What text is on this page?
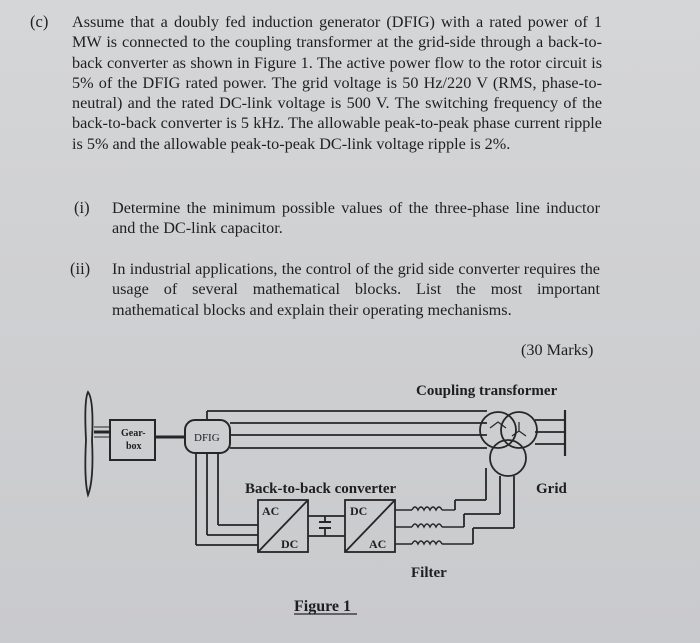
(c) Assume that a doubly fed induction generator (DFIG) with a rated power of 1 MW is connected to the coupling transformer at the grid-side through a back-to-back converter as shown in Figure 1. The active power flow to the rotor circuit is 5% of the DFIG rated power. The grid voltage is 50 Hz/220 V (RMS, phase-to-neutral) and the rated DC-link voltage is 500 V. The switching frequency of the back-to-back converter is 5 kHz. The allowable peak-to-peak phase current ripple is 5% and the allowable peak-to-peak DC-link voltage ripple is 2%.
(i) Determine the minimum possible values of the three-phase line inductor and the DC-link capacitor.
(ii) In industrial applications, the control of the grid side converter requires the usage of several mathematical blocks. List the most important mathematical blocks and explain their operating mechanisms.
(30 Marks)
Coupling transformer
Gear-
box
DFIG
Back-to-back converter	Grid
AC
DC
DC
AC
Filter
Figure 1
